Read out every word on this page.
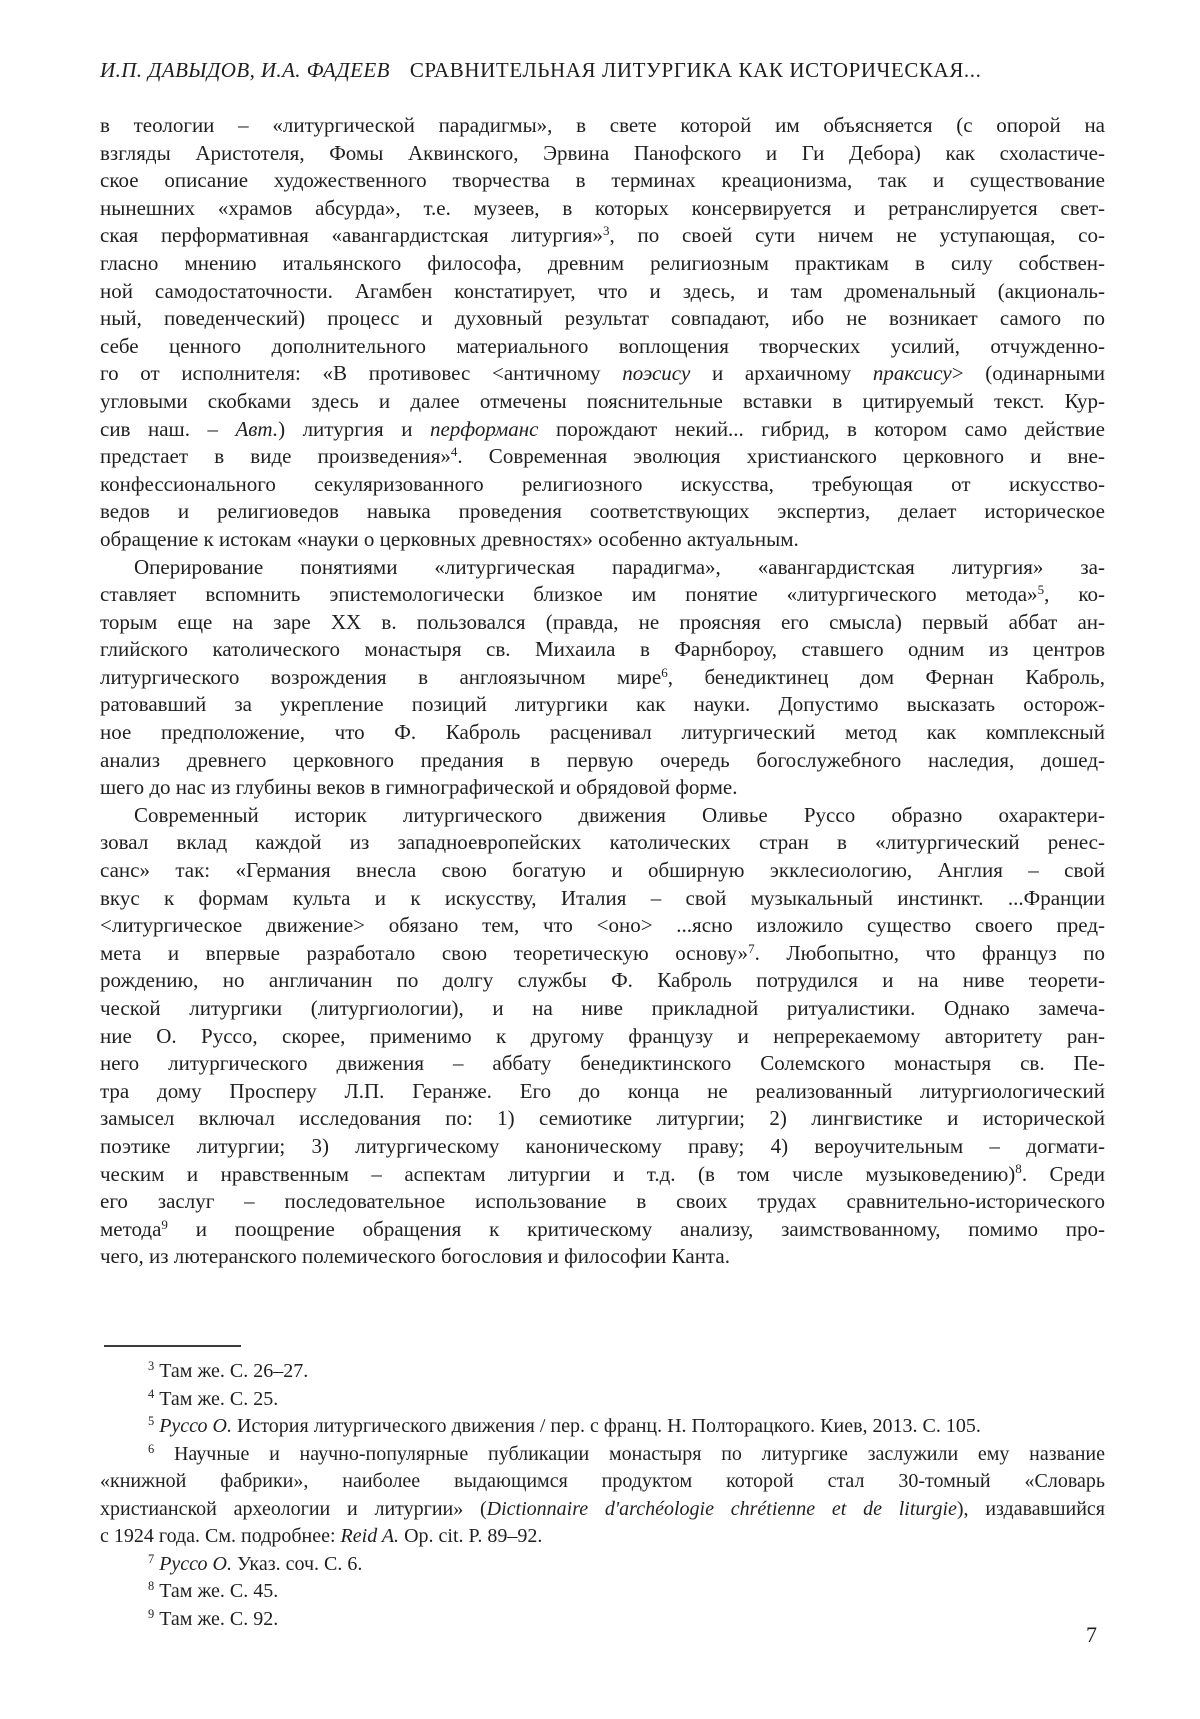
И.П. ДАВЫДОВ, И.А. ФАДЕЕВ СРАВНИТЕЛЬНАЯ ЛИТУРГИКА КАК ИСТОРИЧЕСКАЯ...
в теологии – «литургической парадигмы», в свете которой им объясняется (с опорой на
взгляды Аристотеля, Фомы Аквинского, Эрвина Панофского и Ги Дебора) как схоластиче-
ское описание художественного творчества в терминах креационизма, так и существование
нынешних «храмов абсурда», т.е. музеев, в которых консервируется и ретранслируется свет-
ская перформативная «авангардистская литургия»$^3$, по своей сути ничем не уступающая, со-
гласно мнению итальянского философа, древним религиозным практикам в силу собствен-
ной самодостаточности. Агамбен констатирует, что и здесь, и там дроменальный (акциональ-
ный, поведенческий) процесс и духовный результат совпадают, ибо не возникает самого по
себе ценного дополнительного материального воплощения творческих усилий, отчужденно-
го от исполнителя: «В противовес <античному поэсису и архаичному праксису> (одинарными
угловыми скобками здесь и далее отмечены пояснительные вставки в цитируемый текст. Кур-
сив наш. – Авт.) литургия и перформанс порождают некий... гибрид, в котором само действие
предстает в виде произведения»$^4$. Современная эволюция христианского церковного и вне-
конфессионального секуляризованного религиозного искусства, требующая от искусство-
ведов и религиоведов навыка проведения соответствующих экспертиз, делает историческое
обращение к истокам «науки о церковных древностях» особенно актуальным.
Оперирование понятиями «литургическая парадигма», «авангардистская литургия» за-
ставляет вспомнить эпистемологически близкое им понятие «литургического метода»$^5$, ко-
торым еще на заре XX в. пользовался (правда, не проясняя его смысла) первый аббат ан-
глийского католического монастыря св. Михаила в Фарнбороу, ставшего одним из центров
литургического возрождения в англоязычном мире$^6$, бенедиктинец дом Фернан Каброль,
ратовавший за укрепление позиций литургики как науки. Допустимо высказать осторож-
ное предположение, что Ф. Каброль расценивал литургический метод как комплексный
анализ древнего церковного предания в первую очередь богослужебного наследия, дошед-
шего до нас из глубины веков в гимнографической и обрядовой форме.
Современный историк литургического движения Оливье Руссо образно охарактери-
зовал вклад каждой из западноевропейских католических стран в «литургический ренес-
санс» так: «Германия внесла свою богатую и обширную экклесиологию, Англия – свой
вкус к формам культа и к искусству, Италия – свой музыкальный инстинкт. ...Франции
<литургическое движение> обязано тем, что <оно> ...ясно изложило существо своего пред-
мета и впервые разработало свою теоретическую основу»$^7$. Любопытно, что француз по
рождению, но англичанин по долгу службы Ф. Каброль потрудился и на ниве теорети-
ческой литургики (литургиологии), и на ниве прикладной ритуалистики. Однако замеча-
ние О. Руссо, скорее, применимо к другому французу и непререкаемому авторитету ран-
него литургического движения – аббату бенедиктинского Солемского монастыря св. Пе-
тра дому Просперу Л.П. Геранже. Его до конца не реализованный литургиологический
замысел включал исследования по: 1) семиотике литургии; 2) лингвистике и исторической
поэтике литургии; 3) литургическому каноническому праву; 4) вероучительным – догмати-
ческим и нравственным – аспектам литургии и т.д. (в том числе музыковедению)$^8$. Среди
его заслуг – последовательное использование в своих трудах сравнительно-исторического
метода$^9$ и поощрение обращения к критическому анализу, заимствованному, помимо про-
чего, из лютеранского полемического богословия и философии Канта.
$^3$ Там же. С. 26–27.
$^4$ Там же. С. 25.
$^5$ Руссо О. История литургического движения / пер. с франц. Н. Полторацкого. Киев, 2013. С. 105.
$^6$ Научные и научно-популярные публикации монастыря по литургике заслужили ему название
«книжной фабрики», наиболее выдающимся продуктом которой стал 30-томный «Словарь
христианской археологии и литургии» (Dictionnaire d'archéologie chrétienne et de liturgie), издававшийся
с 1924 года. См. подробнее: Reid A. Op. cit. P. 89–92.
$^7$ Руссо О. Указ. соч. С. 6.
$^8$ Там же. С. 45.
$^9$ Там же. С. 92.
7
